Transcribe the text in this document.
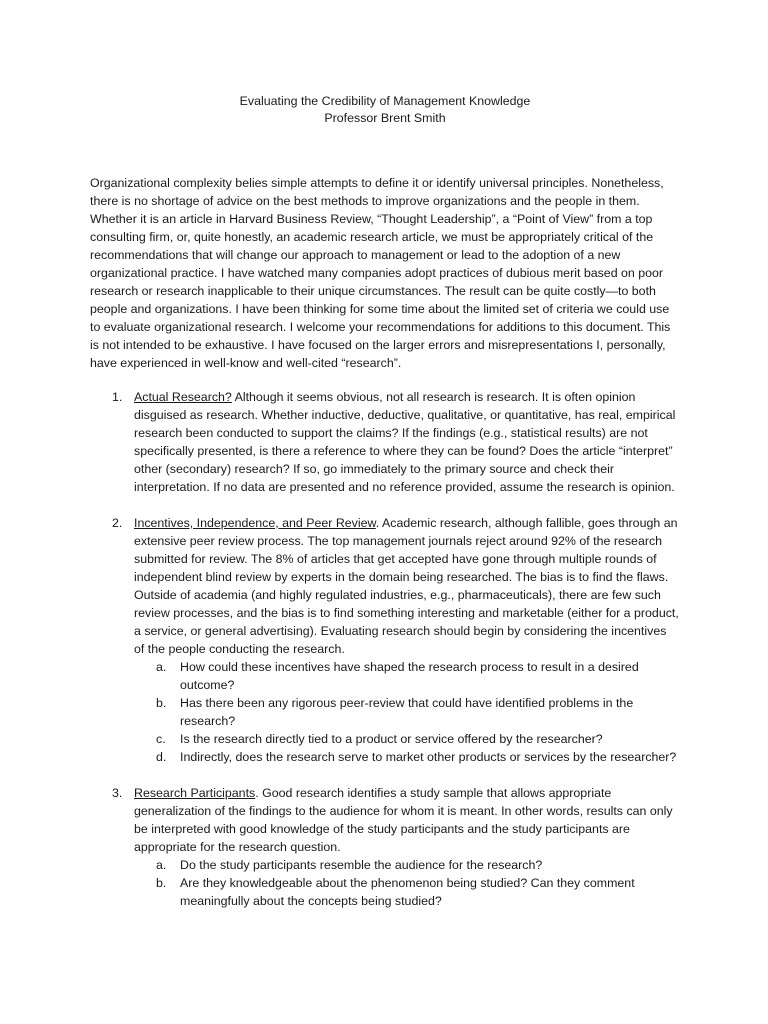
Evaluating the Credibility of Management Knowledge
Professor Brent Smith

Organizational complexity belies simple attempts to define it or identify universal principles. Nonetheless, there is no shortage of advice on the best methods to improve organizations and the people in them. Whether it is an article in Harvard Business Review, “Thought Leadership”, a “Point of View” from a top consulting firm, or, quite honestly, an academic research article, we must be appropriately critical of the recommendations that will change our approach to management or lead to the adoption of a new organizational practice. I have watched many companies adopt practices of dubious merit based on poor research or research inapplicable to their unique circumstances. The result can be quite costly—to both people and organizations. I have been thinking for some time about the limited set of criteria we could use to evaluate organizational research. I welcome your recommendations for additions to this document. This is not intended to be exhaustive. I have focused on the larger errors and misrepresentations I, personally, have experienced in well-know and well-cited “research”.

1. Actual Research? Although it seems obvious, not all research is research. It is often opinion disguised as research. Whether inductive, deductive, qualitative, or quantitative, has real, empirical research been conducted to support the claims? If the findings (e.g., statistical results) are not specifically presented, is there a reference to where they can be found? Does the article “interpret” other (secondary) research? If so, go immediately to the primary source and check their interpretation. If no data are presented and no reference provided, assume the research is opinion.
2. Incentives, Independence, and Peer Review. Academic research, although fallible, goes through an extensive peer review process. The top management journals reject around 92% of the research submitted for review. The 8% of articles that get accepted have gone through multiple rounds of independent blind review by experts in the domain being researched. The bias is to find the flaws. Outside of academia (and highly regulated industries, e.g., pharmaceuticals), there are few such review processes, and the bias is to find something interesting and marketable (either for a product, a service, or general advertising). Evaluating research should begin by considering the incentives of the people conducting the research.
a. How could these incentives have shaped the research process to result in a desired outcome?
b. Has there been any rigorous peer-review that could have identified problems in the research?
c. Is the research directly tied to a product or service offered by the researcher?
d. Indirectly, does the research serve to market other products or services by the researcher?
3. Research Participants. Good research identifies a study sample that allows appropriate generalization of the findings to the audience for whom it is meant. In other words, results can only be interpreted with good knowledge of the study participants and the study participants are appropriate for the research question.
a. Do the study participants resemble the audience for the research?
b. Are they knowledgeable about the phenomenon being studied? Can they comment meaningfully about the concepts being studied?
